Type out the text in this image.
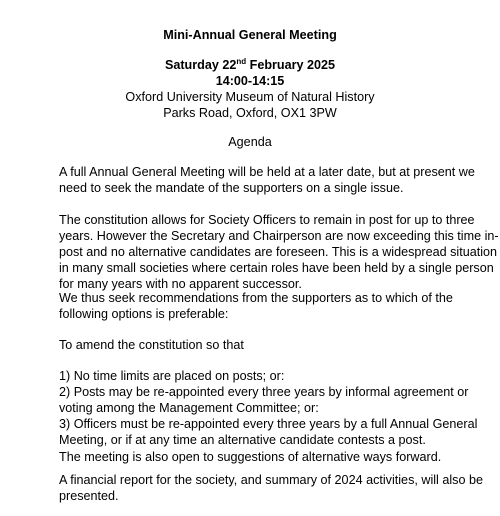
Mini-Annual General Meeting
Saturday 22nd February 2025
14:00-14:15
Oxford University Museum of Natural History
Parks Road, Oxford, OX1 3PW
Agenda
A full Annual General Meeting will be held at a later date, but at present we
need to seek the mandate of the supporters on a single issue.
The constitution allows for Society Officers to remain in post for up to three
years. However the Secretary and Chairperson are now exceeding this time in-
post and no alternative candidates are foreseen. This is a widespread situation
in many small societies where certain roles have been held by a single person
for many years with no apparent successor.
We thus seek recommendations from the supporters as to which of the
following options is preferable:
To amend the constitution so that
1) No time limits are placed on posts; or:
2) Posts may be re-appointed every three years by informal agreement or
voting among the Management Committee; or:
3) Officers must be re-appointed every three years by a full Annual General
Meeting, or if at any time an alternative candidate contests a post.
The meeting is also open to suggestions of alternative ways forward.
A financial report for the society, and summary of 2024 activities, will also be
presented.
